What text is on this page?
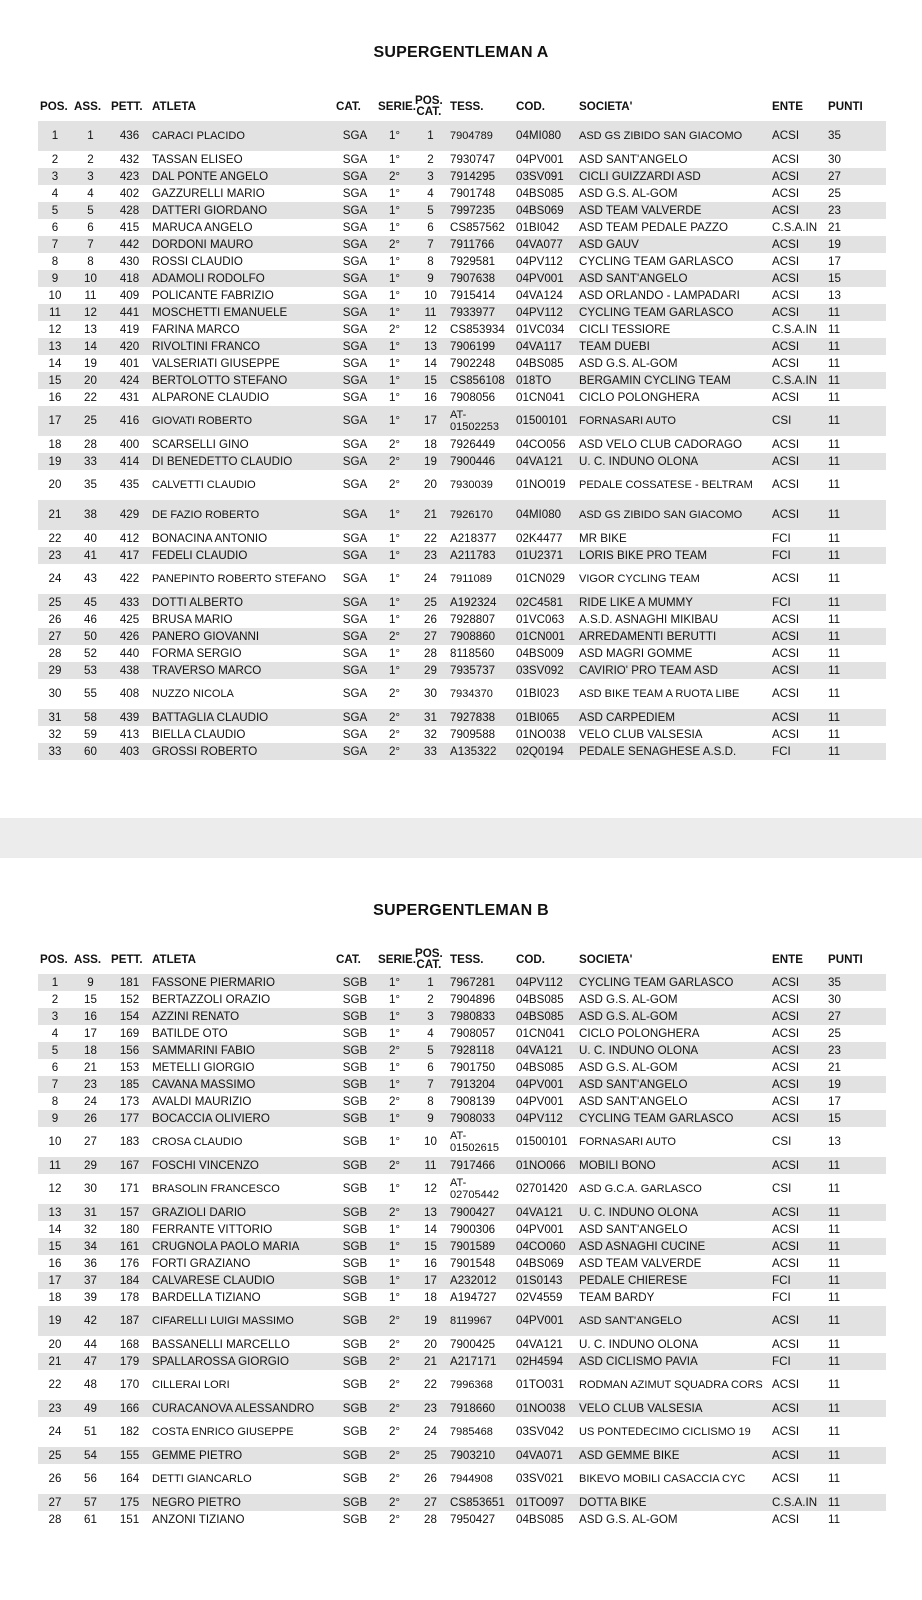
SUPERGENTLEMAN A
POS.	ASS.	PETT.	ATLETA	CAT.	SERIE.	POS.
CAT.	TESS.	COD.	SOCIETA'	ENTE	PUNTI
1	1	436	CARACI PLACIDO	SGA	1°	1	7904789	04MI080	ASD GS ZIBIDO SAN GIACOMO	ACSI	35
2	2	432	TASSAN ELISEO	SGA	1°	2	7930747	04PV001	ASD SANT'ANGELO	ACSI	30
3	3	423	DAL PONTE ANGELO	SGA	2°	3	7914295	03SV091	CICLI GUIZZARDI ASD	ACSI	27
4	4	402	GAZZURELLI MARIO	SGA	1°	4	7901748	04BS085	ASD G.S. AL-GOM	ACSI	25
5	5	428	DATTERI GIORDANO	SGA	1°	5	7997235	04BS069	ASD TEAM VALVERDE	ACSI	23
6	6	415	MARUCA ANGELO	SGA	1°	6	CS857562	01BI042	ASD TEAM PEDALE PAZZO	C.S.A.IN	21
7	7	442	DORDONI MAURO	SGA	2°	7	7911766	04VA077	ASD GAUV	ACSI	19
8	8	430	ROSSI CLAUDIO	SGA	1°	8	7929581	04PV112	CYCLING TEAM GARLASCO	ACSI	17
9	10	418	ADAMOLI RODOLFO	SGA	1°	9	7907638	04PV001	ASD SANT'ANGELO	ACSI	15
10	11	409	POLICANTE FABRIZIO	SGA	1°	10	7915414	04VA124	ASD ORLANDO - LAMPADARI	ACSI	13
11	12	441	MOSCHETTI EMANUELE	SGA	1°	11	7933977	04PV112	CYCLING TEAM GARLASCO	ACSI	11
12	13	419	FARINA MARCO	SGA	2°	12	CS853934	01VC034	CICLI TESSIORE	C.S.A.IN	11
13	14	420	RIVOLTINI FRANCO	SGA	1°	13	7906199	04VA117	TEAM DUEBI	ACSI	11
14	19	401	VALSERIATI GIUSEPPE	SGA	1°	14	7902248	04BS085	ASD G.S. AL-GOM	ACSI	11
15	20	424	BERTOLOTTO STEFANO	SGA	1°	15	CS856108	018TO	BERGAMIN CYCLING TEAM	C.S.A.IN	11
16	22	431	ALPARONE CLAUDIO	SGA	1°	16	7908056	01CN041	CICLO POLONGHERA	ACSI	11
17	25	416	GIOVATI ROBERTO	SGA	1°	17	AT-01502253	01500101	FORNASARI AUTO	CSI	11
18	28	400	SCARSELLI GINO	SGA	2°	18	7926449	04CO056	ASD VELO CLUB CADORAGO	ACSI	11
19	33	414	DI BENEDETTO CLAUDIO	SGA	2°	19	7900446	04VA121	U. C. INDUNO OLONA	ACSI	11
20	35	435	CALVETTI CLAUDIO	SGA	2°	20	7930039	01NO019	PEDALE COSSATESE - BELTRAM	ACSI	11
21	38	429	DE FAZIO ROBERTO	SGA	1°	21	7926170	04MI080	ASD GS ZIBIDO SAN GIACOMO	ACSI	11
22	40	412	BONACINA ANTONIO	SGA	1°	22	A218377	02K4477	MR BIKE	FCI	11
23	41	417	FEDELI CLAUDIO	SGA	1°	23	A211783	01U2371	LORIS BIKE PRO TEAM	FCI	11
24	43	422	PANEPINTO ROBERTO STEFANO	SGA	1°	24	7911089	01CN029	VIGOR CYCLING TEAM	ACSI	11
25	45	433	DOTTI ALBERTO	SGA	1°	25	A192324	02C4581	RIDE LIKE A MUMMY	FCI	11
26	46	425	BRUSA MARIO	SGA	1°	26	7928807	01VC063	A.S.D. ASNAGHI MIKIBAU	ACSI	11
27	50	426	PANERO GIOVANNI	SGA	2°	27	7908860	01CN001	ARREDAMENTI BERUTTI	ACSI	11
28	52	440	FORMA SERGIO	SGA	1°	28	8118560	04BS009	ASD MAGRI GOMME	ACSI	11
29	53	438	TRAVERSO MARCO	SGA	1°	29	7935737	03SV092	CAVIRIO' PRO TEAM ASD	ACSI	11
30	55	408	NUZZO NICOLA	SGA	2°	30	7934370	01BI023	ASD BIKE TEAM A RUOTA LIBE	ACSI	11
31	58	439	BATTAGLIA CLAUDIO	SGA	2°	31	7927838	01BI065	ASD CARPEDIEM	ACSI	11
32	59	413	BIELLA CLAUDIO	SGA	2°	32	7909588	01NO038	VELO CLUB VALSESIA	ACSI	11
33	60	403	GROSSI ROBERTO	SGA	2°	33	A135322	02Q0194	PEDALE SENAGHESE A.S.D.	FCI	11
SUPERGENTLEMAN B
POS.	ASS.	PETT.	ATLETA	CAT.	SERIE.	POS.
CAT.	TESS.	COD.	SOCIETA'	ENTE	PUNTI
1	9	181	FASSONE PIERMARIO	SGB	1°	1	7967281	04PV112	CYCLING TEAM GARLASCO	ACSI	35
2	15	152	BERTAZZOLI ORAZIO	SGB	1°	2	7904896	04BS085	ASD G.S. AL-GOM	ACSI	30
3	16	154	AZZINI RENATO	SGB	1°	3	7980833	04BS085	ASD G.S. AL-GOM	ACSI	27
4	17	169	BATILDE OTO	SGB	1°	4	7908057	01CN041	CICLO POLONGHERA	ACSI	25
5	18	156	SAMMARINI FABIO	SGB	2°	5	7928118	04VA121	U. C. INDUNO OLONA	ACSI	23
6	21	153	METELLI GIORGIO	SGB	1°	6	7901750	04BS085	ASD G.S. AL-GOM	ACSI	21
7	23	185	CAVANA MASSIMO	SGB	1°	7	7913204	04PV001	ASD SANT'ANGELO	ACSI	19
8	24	173	AVALDI MAURIZIO	SGB	2°	8	7908139	04PV001	ASD SANT'ANGELO	ACSI	17
9	26	177	BOCACCIA OLIVIERO	SGB	1°	9	7908033	04PV112	CYCLING TEAM GARLASCO	ACSI	15
10	27	183	CROSA CLAUDIO	SGB	1°	10	AT-01502615	01500101	FORNASARI AUTO	CSI	13
11	29	167	FOSCHI VINCENZO	SGB	2°	11	7917466	01NO066	MOBILI BONO	ACSI	11
12	30	171	BRASOLIN FRANCESCO	SGB	1°	12	AT-02705442	02701420	ASD G.C.A. GARLASCO	CSI	11
13	31	157	GRAZIOLI DARIO	SGB	2°	13	7900427	04VA121	U. C. INDUNO OLONA	ACSI	11
14	32	180	FERRANTE VITTORIO	SGB	1°	14	7900306	04PV001	ASD SANT'ANGELO	ACSI	11
15	34	161	CRUGNOLA PAOLO MARIA	SGB	1°	15	7901589	04CO060	ASD ASNAGHI CUCINE	ACSI	11
16	36	176	FORTI GRAZIANO	SGB	1°	16	7901548	04BS069	ASD TEAM VALVERDE	ACSI	11
17	37	184	CALVARESE CLAUDIO	SGB	1°	17	A232012	01S0143	PEDALE CHIERESE	FCI	11
18	39	178	BARDELLA TIZIANO	SGB	1°	18	A194727	02V4559	TEAM BARDY	FCI	11
19	42	187	CIFARELLI LUIGI MASSIMO	SGB	2°	19	8119967	04PV001	ASD SANT'ANGELO	ACSI	11
20	44	168	BASSANELLI MARCELLO	SGB	2°	20	7900425	04VA121	U. C. INDUNO OLONA	ACSI	11
21	47	179	SPALLAROSSA GIORGIO	SGB	2°	21	A217171	02H4594	ASD CICLISMO PAVIA	FCI	11
22	48	170	CILLERAI LORI	SGB	2°	22	7996368	01TO031	RODMAN AZIMUT SQUADRA CORS	ACSI	11
23	49	166	CURACANOVA ALESSANDRO	SGB	2°	23	7918660	01NO038	VELO CLUB VALSESIA	ACSI	11
24	51	182	COSTA ENRICO GIUSEPPE	SGB	2°	24	7985468	03SV042	US PONTEDECIMO CICLISMO 19	ACSI	11
25	54	155	GEMME PIETRO	SGB	2°	25	7903210	04VA071	ASD GEMME BIKE	ACSI	11
26	56	164	DETTI GIANCARLO	SGB	2°	26	7944908	03SV021	BIKEVO MOBILI CASACCIA CYC	ACSI	11
27	57	175	NEGRO PIETRO	SGB	2°	27	CS853651	01TO097	DOTTA BIKE	C.S.A.IN	11
28	61	151	ANZONI TIZIANO	SGB	2°	28	7950427	04BS085	ASD G.S. AL-GOM	ACSI	11
